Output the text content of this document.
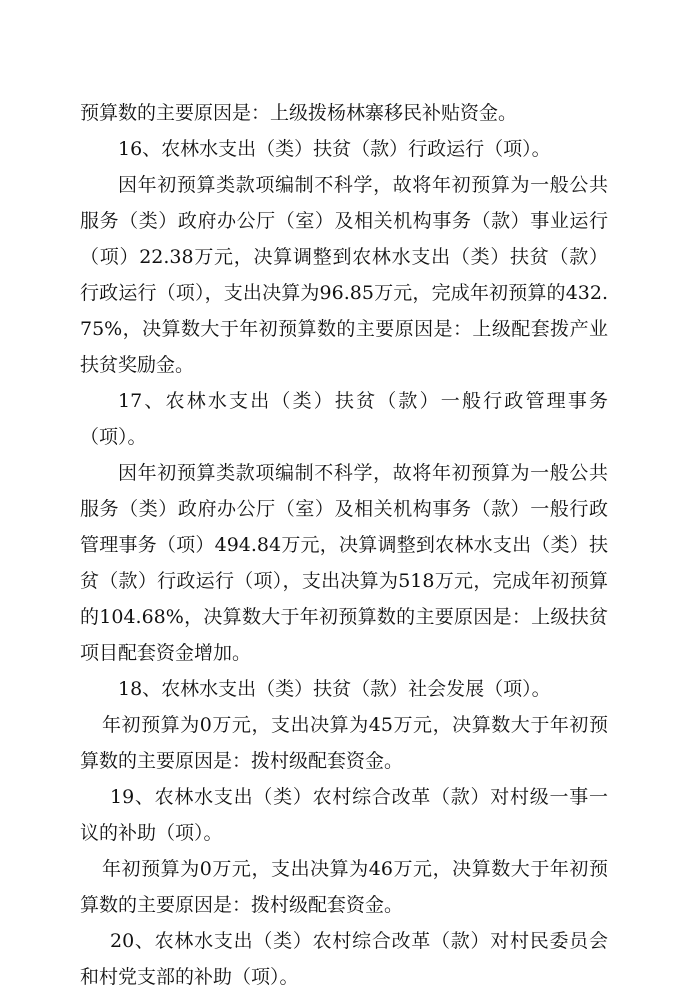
预算数的主要原因是：上级拨杨林寨移民补贴资金。

16、农林水支出（类）扶贫（款）行政运行（项）。

因年初预算类款项编制不科学，故将年初预算为一般公共服务（类）政府办公厅（室）及相关机构事务（款）事业运行（项）22.38万元，决算调整到农林水支出（类）扶贫（款）行政运行（项），支出决算为96.85万元，完成年初预算的432.75%，决算数大于年初预算数的主要原因是：上级配套拨产业扶贫奖励金。

17、农林水支出（类）扶贫（款）一般行政管理事务（项）。

因年初预算类款项编制不科学，故将年初预算为一般公共服务（类）政府办公厅（室）及相关机构事务（款）一般行政管理事务（项）494.84万元，决算调整到农林水支出（类）扶贫（款）行政运行（项），支出决算为518万元，完成年初预算的104.68%，决算数大于年初预算数的主要原因是：上级扶贫项目配套资金增加。

18、农林水支出（类）扶贫（款）社会发展（项）。

年初预算为0万元，支出决算为45万元，决算数大于年初预算数的主要原因是：拨村级配套资金。

19、农林水支出（类）农村综合改革（款）对村级一事一议的补助（项）。

年初预算为0万元，支出决算为46万元，决算数大于年初预算数的主要原因是：拨村级配套资金。

20、农林水支出（类）农村综合改革（款）对村民委员会和村党支部的补助（项）。
